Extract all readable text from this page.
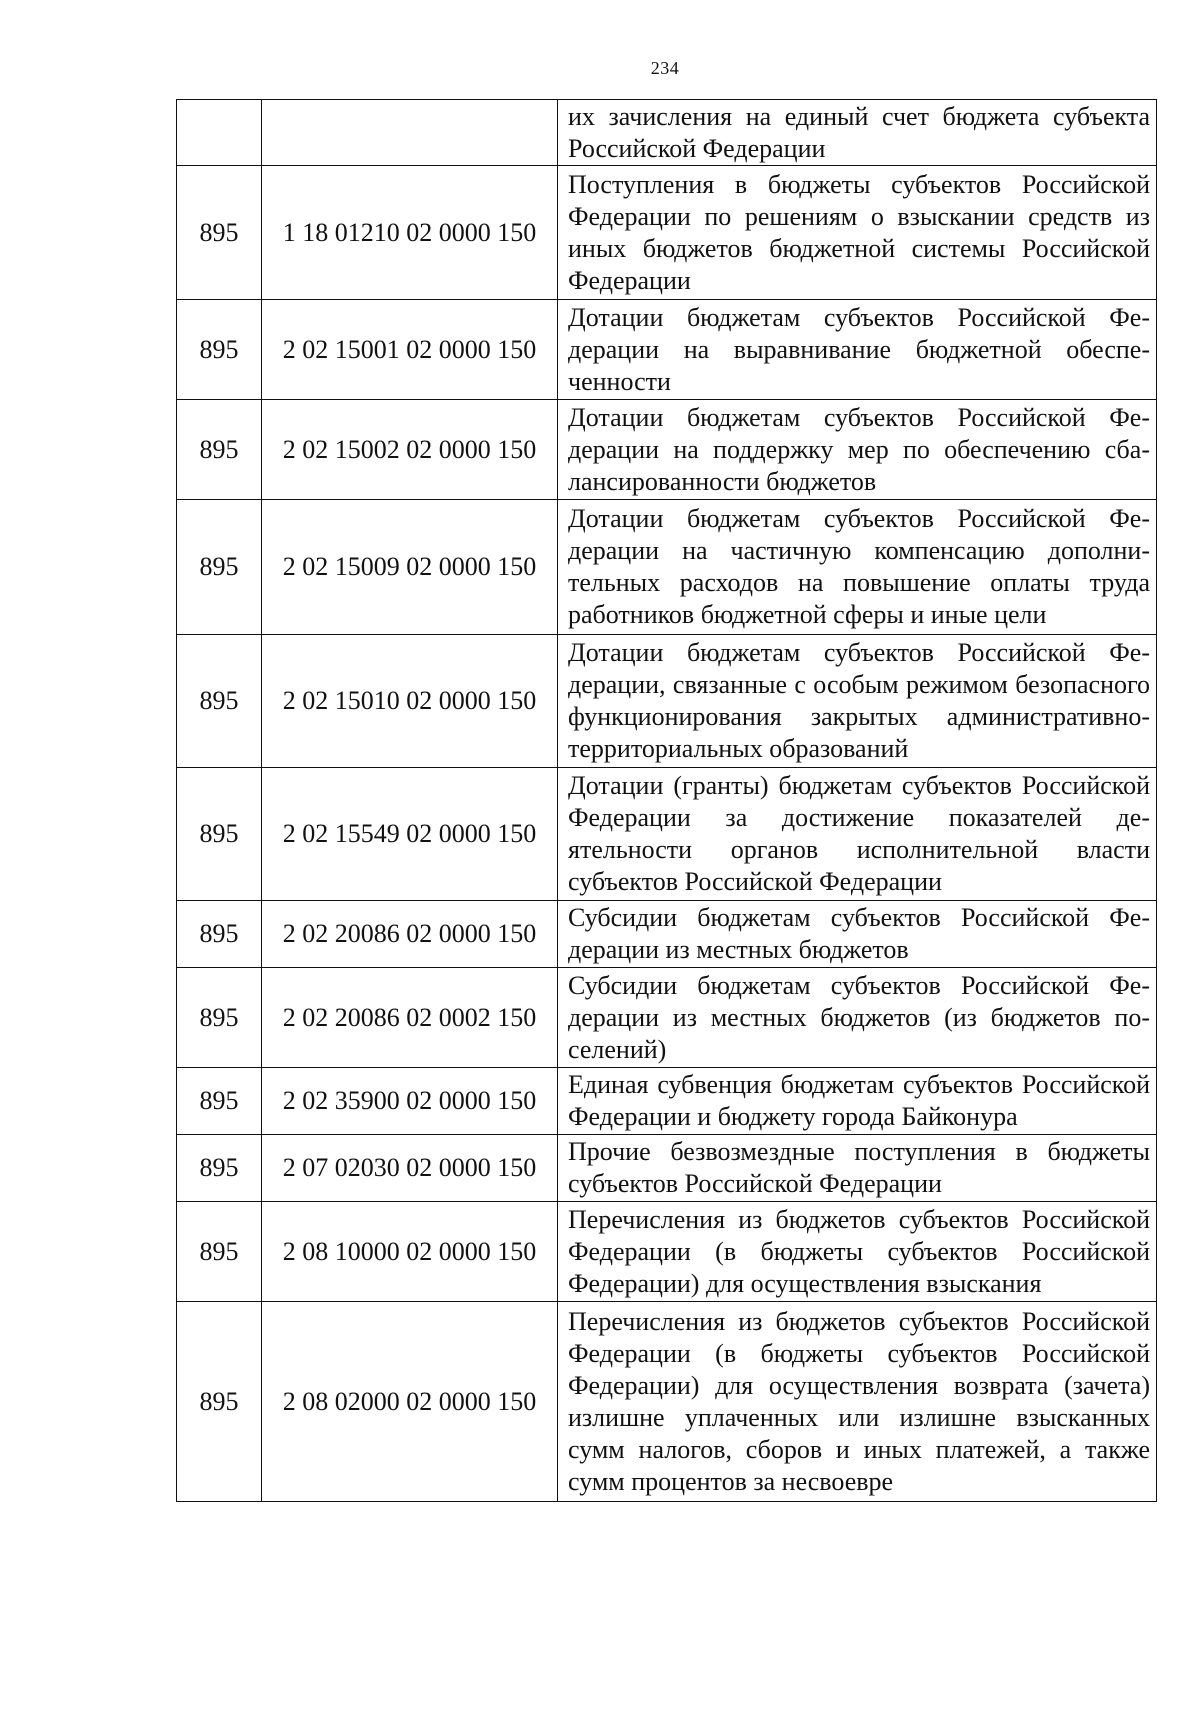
234
		их зачисления на единый счет бюджета субъекта Российской Федерации
895	1 18 01210 02 0000 150	Поступления в бюджеты субъектов Российской Федерации по решениям о взыскании средств из иных бюджетов бюджетной системы Российской Федерации
895	2 02 15001 02 0000 150	Дотации бюджетам субъектов Российской Федерации на выравнивание бюджетной обеспеченности
895	2 02 15002 02 0000 150	Дотации бюджетам субъектов Российской Федерации на поддержку мер по обеспечению сбалансированности бюджетов
895	2 02 15009 02 0000 150	Дотации бюджетам субъектов Российской Федерации на частичную компенсацию дополнительных расходов на повышение оплаты труда работников бюджетной сферы и иные цели
895	2 02 15010 02 0000 150	Дотации бюджетам субъектов Российской Федерации, связанные с особым режимом безопасного функционирования закрытых административно-территориальных образований
895	2 02 15549 02 0000 150	Дотации (гранты) бюджетам субъектов Российской Федерации за достижение показателей деятельности органов исполнительной власти субъектов Российской Федерации
895	2 02 20086 02 0000 150	Субсидии бюджетам субъектов Российской Федерации из местных бюджетов
895	2 02 20086 02 0002 150	Субсидии бюджетам субъектов Российской Федерации из местных бюджетов (из бюджетов поселений)
895	2 02 35900 02 0000 150	Единая субвенция бюджетам субъектов Российской Федерации и бюджету города Байконура
895	2 07 02030 02 0000 150	Прочие безвозмездные поступления в бюджеты субъектов Российской Федерации
895	2 08 10000 02 0000 150	Перечисления из бюджетов субъектов Российской Федерации (в бюджеты субъектов Российской Федерации) для осуществления взыскания
895	2 08 02000 02 0000 150	Перечисления из бюджетов субъектов Российской Федерации (в бюджеты субъектов Российской Федерации) для осуществления возврата (зачета) излишне уплаченных или излишне взысканных сумм налогов, сборов и иных платежей, а также сумм процентов за несвоевре
